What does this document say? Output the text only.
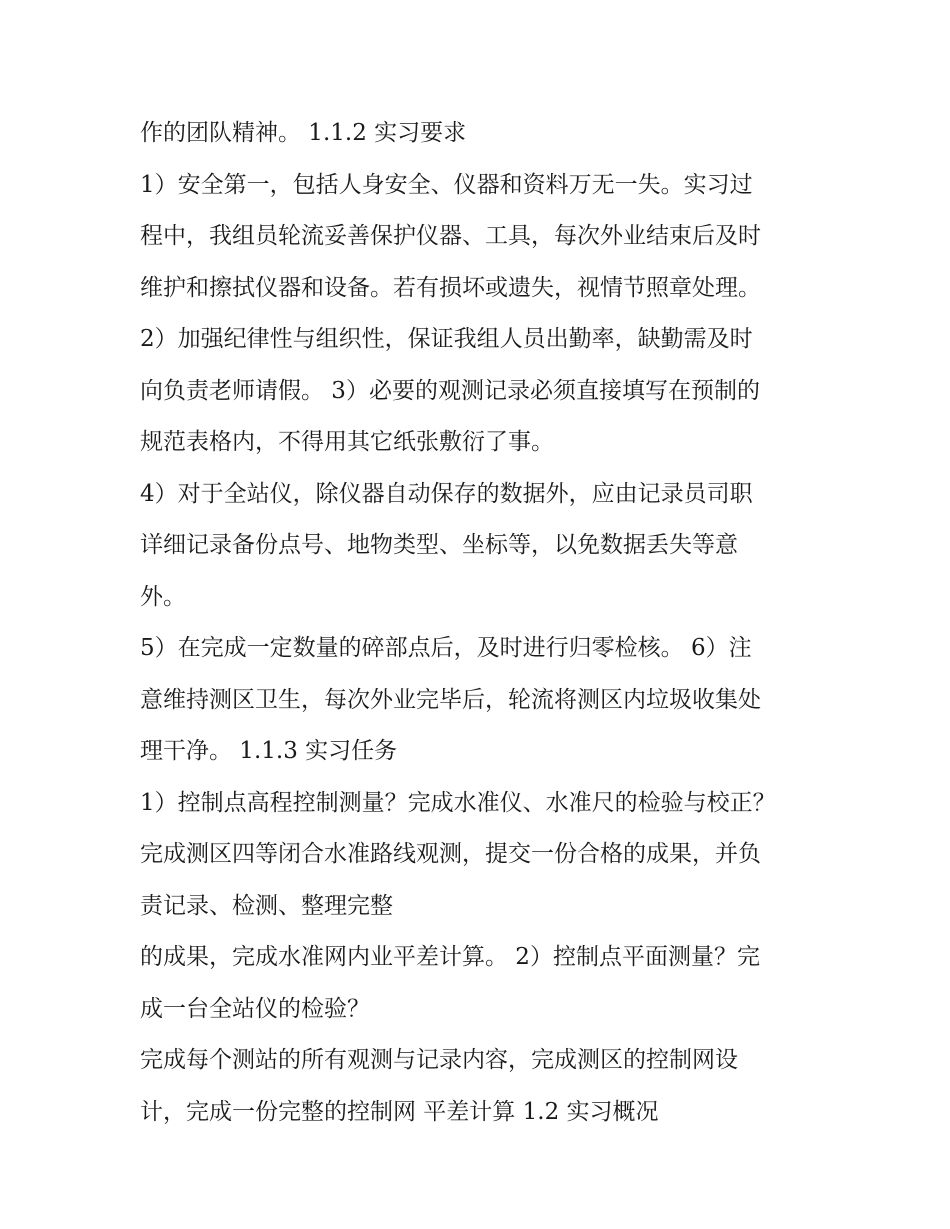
作的团队精神。 1.1.2 实习要求
1）安全第一，包括人身安全、仪器和资料万无一失。实习过
程中，我组员轮流妥善保护仪器、工具，每次外业结束后及时
维护和擦拭仪器和设备。若有损坏或遗失，视情节照章处理。
2）加强纪律性与组织性，保证我组人员出勤率，缺勤需及时
向负责老师请假。 3）必要的观测记录必须直接填写在预制的
规范表格内，不得用其它纸张敷衍了事。
4）对于全站仪，除仪器自动保存的数据外，应由记录员司职
详细记录备份点号、地物类型、坐标等，以免数据丢失等意
外。
5）在完成一定数量的碎部点后，及时进行归零检核。 6）注
意维持测区卫生，每次外业完毕后，轮流将测区内垃圾收集处
理干净。 1.1.3 实习任务
1）控制点高程控制测量？完成水准仪、水准尺的检验与校正？
完成测区四等闭合水准路线观测，提交一份合格的成果，并负
责记录、检测、整理完整
的成果，完成水准网内业平差计算。 2）控制点平面测量？完
成一台全站仪的检验？
完成每个测站的所有观测与记录内容，完成测区的控制网设
计，完成一份完整的控制网 平差计算 1.2 实习概况
